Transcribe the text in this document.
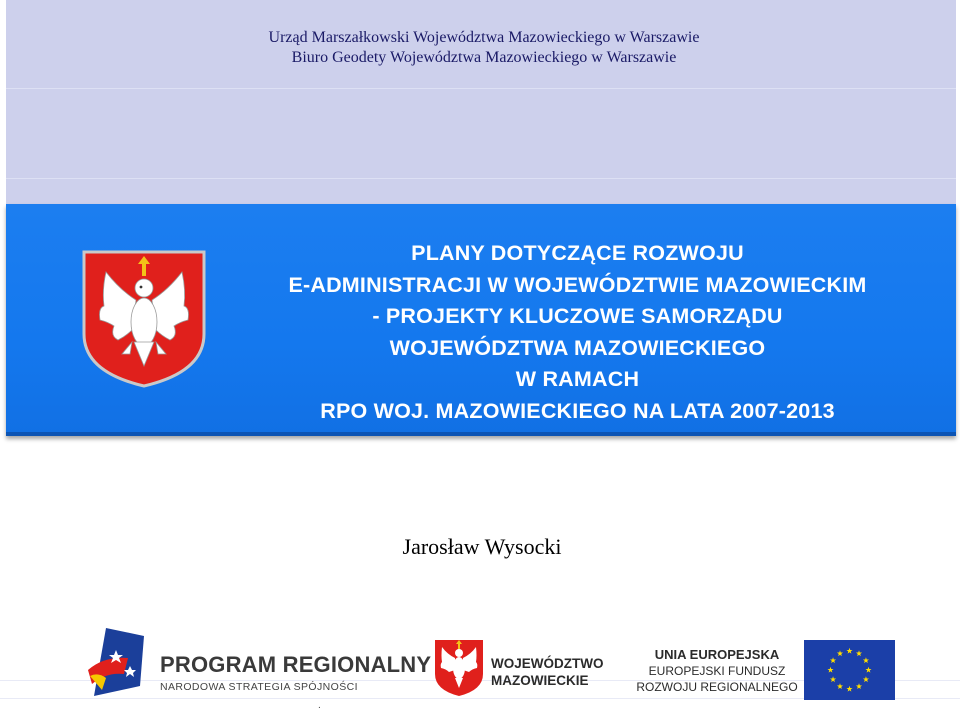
Urząd Marszałkowski Województwa Mazowieckiego w Warszawie
Biuro Geodety Województwa Mazowieckiego w Warszawie
PLANY DOTYCZĄCE ROZWOJU
E-ADMINISTRACJI W WOJEWÓDZTWIE MAZOWIECKIM
- PROJEKTY KLUCZOWE SAMORZĄDU
WOJEWÓDZTWA MAZOWIECKIEGO
W RAMACH
RPO WOJ. MAZOWIECKIEGO NA LATA 2007-2013
Jarosław Wysocki
PROGRAM REGIONALNY
NARODOWA STRATEGIA SPÓJNOŚCI
WOJEWÓDZTWO
MAZOWIECKIE
UNIA EUROPEJSKA
EUROPEJSKI FUNDUSZ
ROZWOJU REGIONALNEGO
.
